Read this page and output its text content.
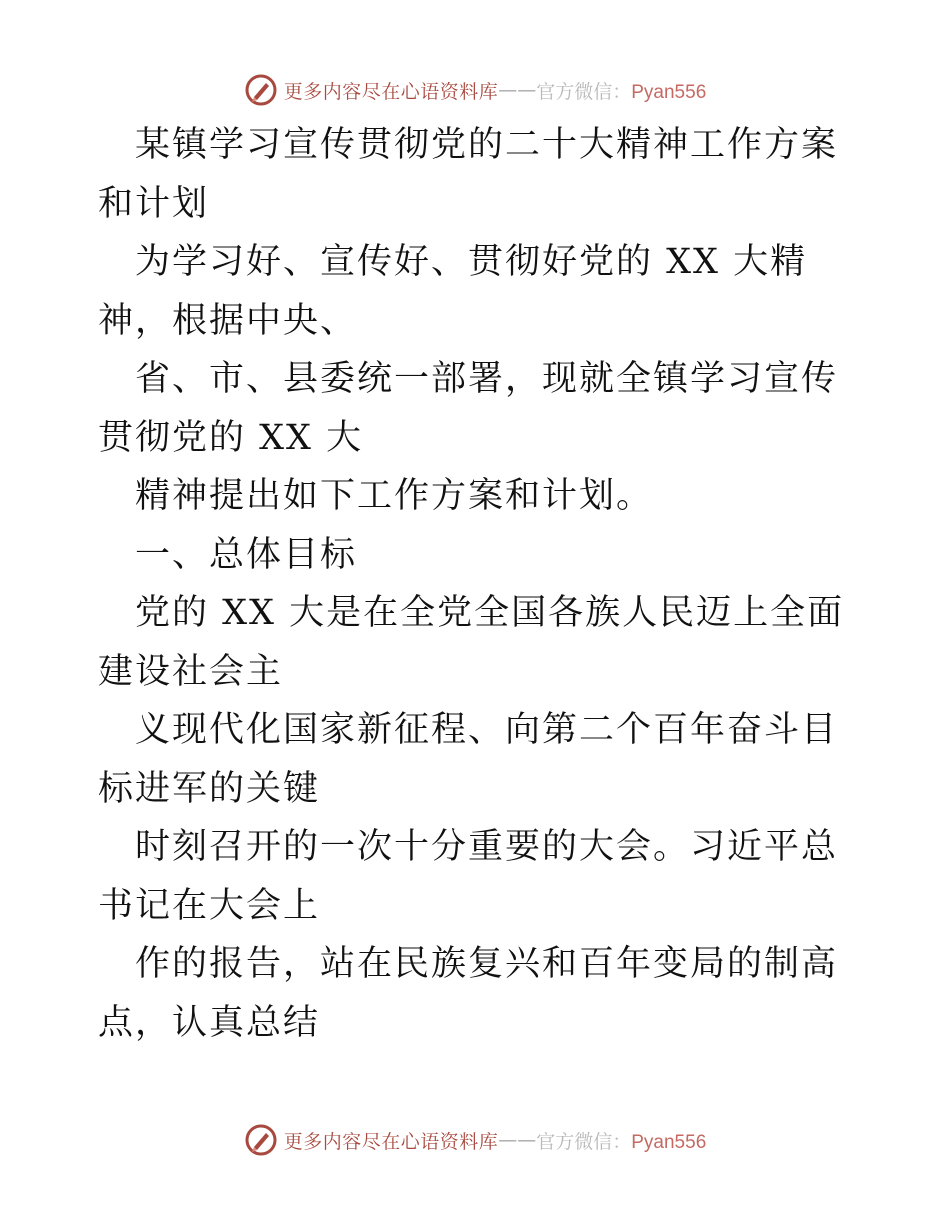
更多内容尽在心语资料库 —— 官方微信：Pyan556

某镇学习宣传贯彻党的二十大精神工作方案和计划

为学习好、宣传好、贯彻好党的 XX 大精神，根据中央、

省、市、县委统一部署，现就全镇学习宣传贯彻党的 XX 大

精神提出如下工作方案和计划。

一、总体目标

党的 XX 大是在全党全国各族人民迈上全面建设社会主

义现代化国家新征程、向第二个百年奋斗目标进军的关键

时刻召开的一次十分重要的大会。习近平总书记在大会上

作的报告，站在民族复兴和百年变局的制高点，认真总结

更多内容尽在心语资料库 —— 官方微信：Pyan556
